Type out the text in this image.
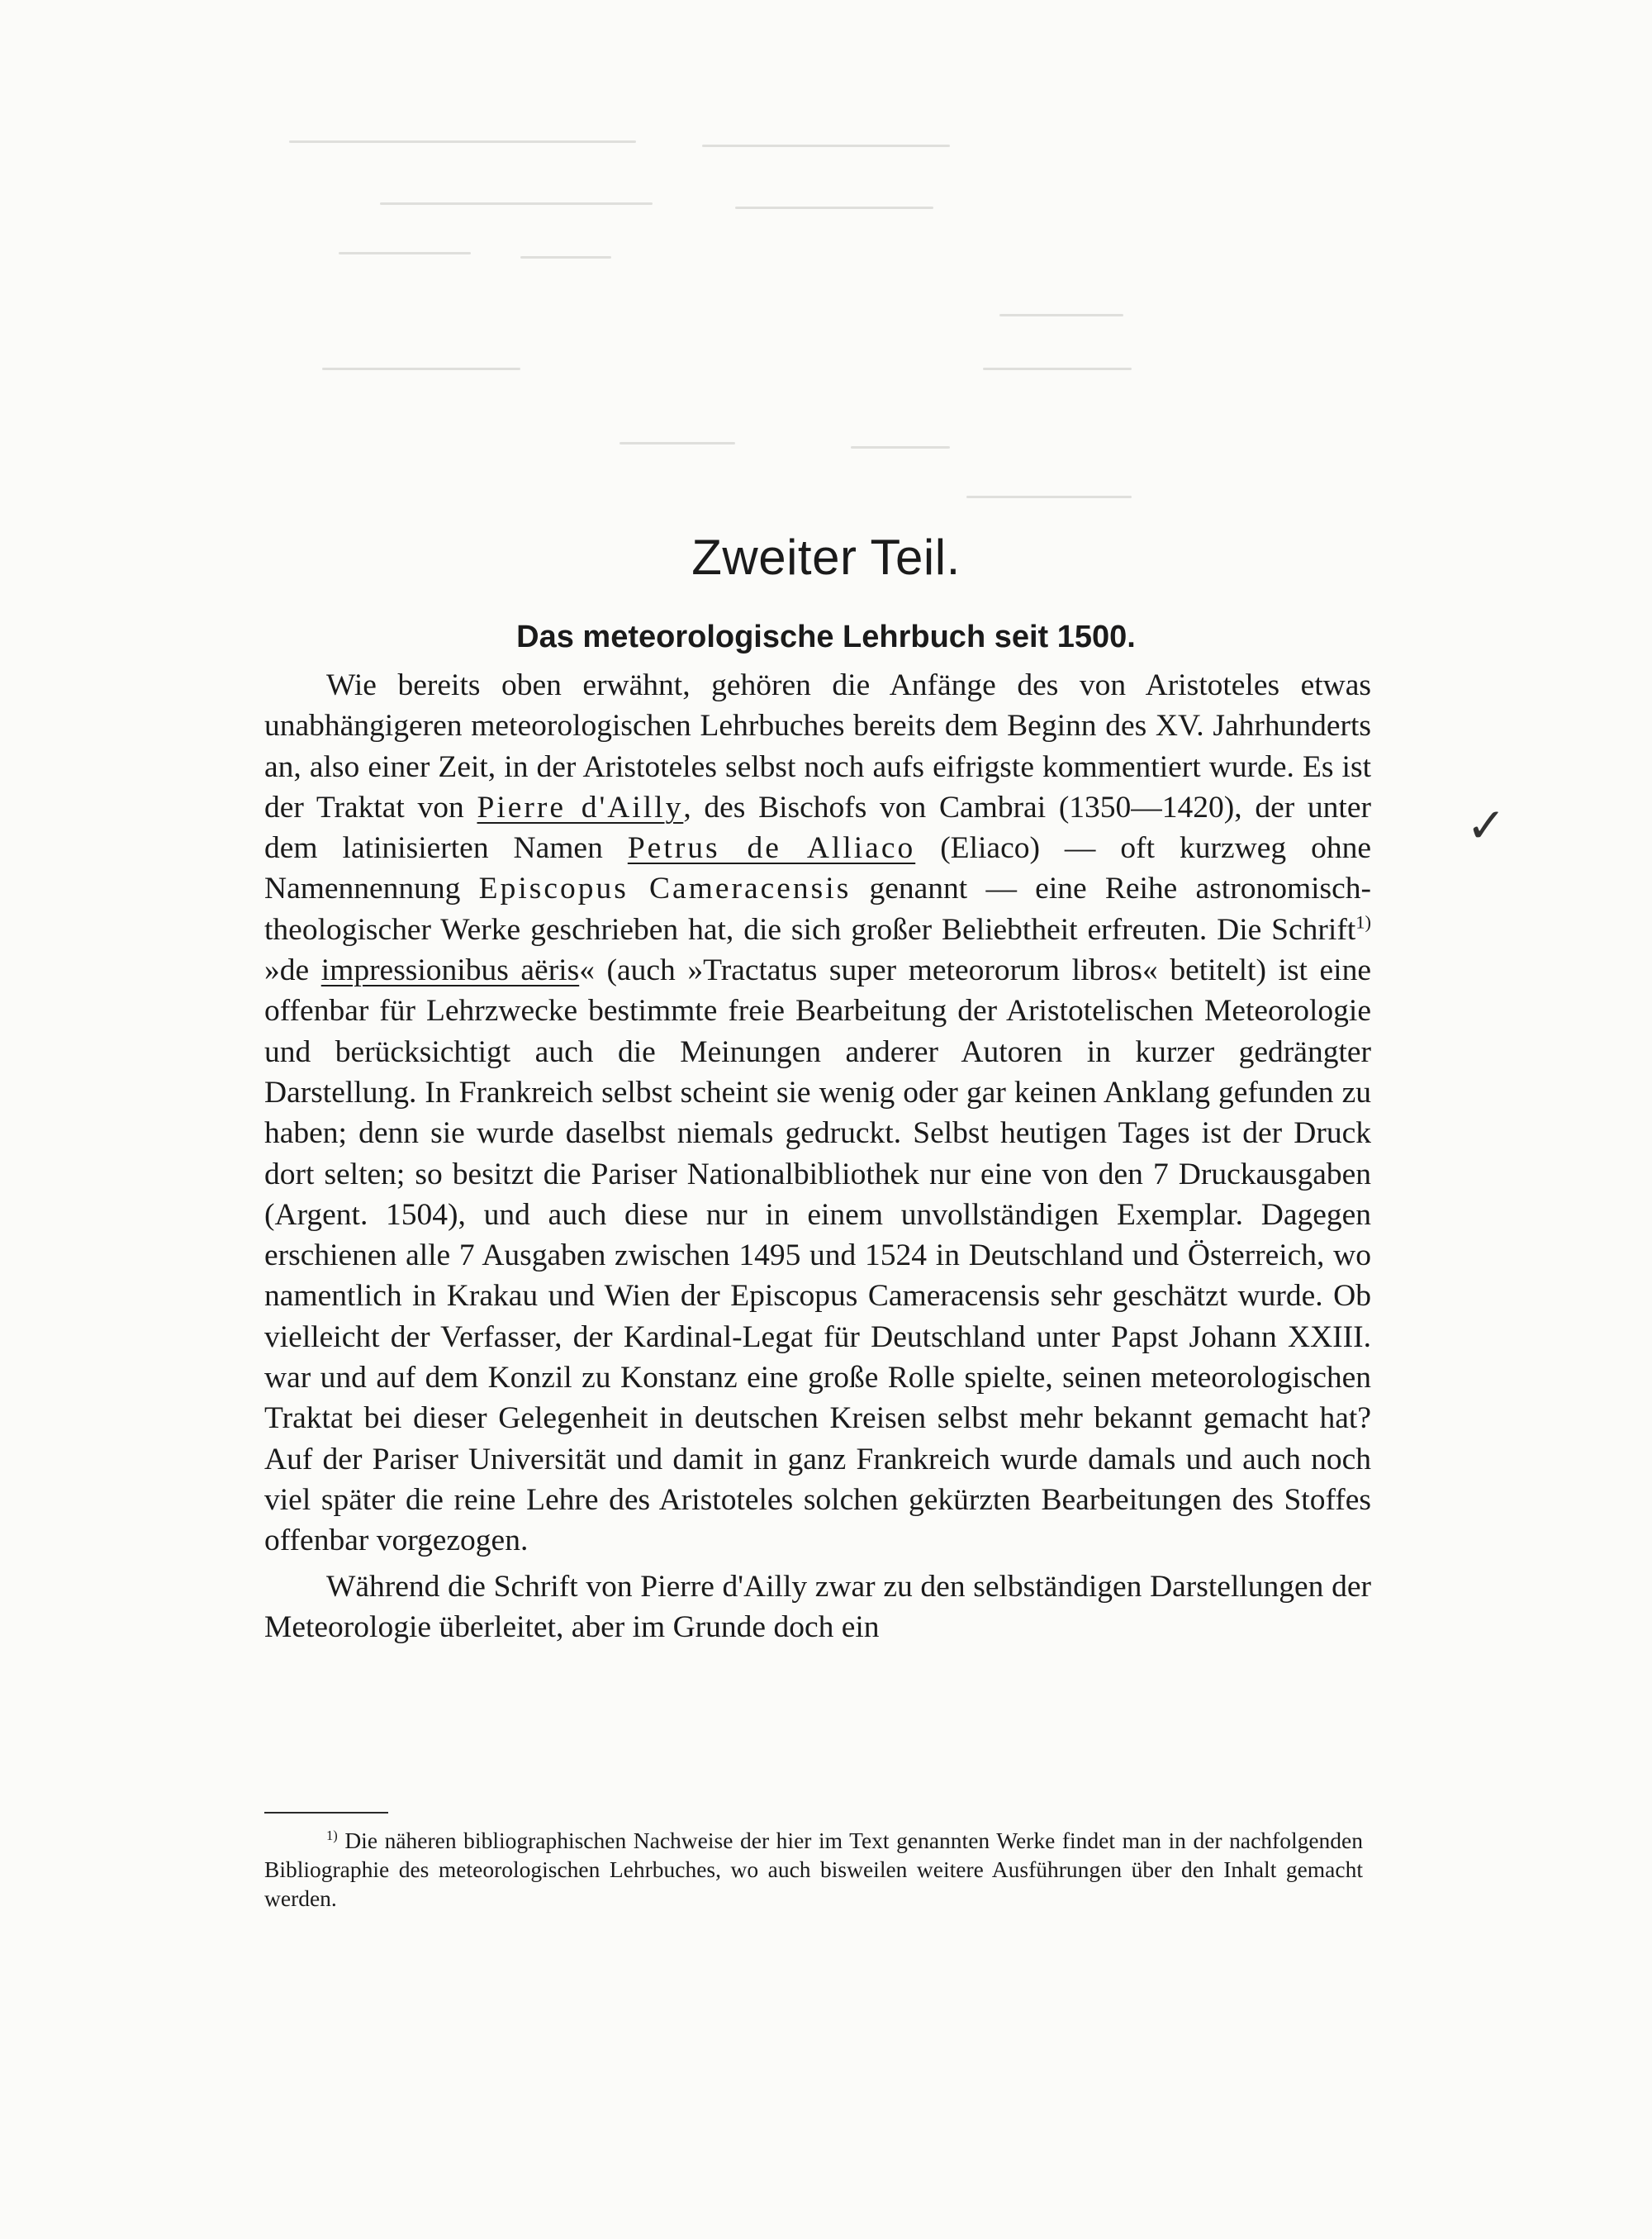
Zweiter Teil.
Das meteorologische Lehrbuch seit 1500.

Wie bereits oben erwähnt, gehören die Anfänge des von Aristoteles etwas unabhängigeren meteorologischen Lehrbuches bereits dem Beginn des XV. Jahrhunderts an, also einer Zeit, in der Aristoteles selbst noch aufs eifrigste kommentiert wurde. Es ist der Traktat von Pierre d'Ailly, des Bischofs von Cambrai (1350—1420), der unter dem latinisierten Namen Petrus de Alliaco (Eliaco) — oft kurzweg ohne Namennennung Episcopus Cameracensis genannt — eine Reihe astronomisch-theologischer Werke geschrieben hat, die sich großer Beliebtheit erfreuten. Die Schrift$^{1)}$ »de impressionibus aëris« (auch »Tractatus super meteororum libros« betitelt) ist eine offenbar für Lehrzwecke bestimmte freie Bearbeitung der Aristotelischen Meteorologie und berücksichtigt auch die Meinungen anderer Autoren in kurzer gedrängter Darstellung. In Frankreich selbst scheint sie wenig oder gar keinen Anklang gefunden zu haben; denn sie wurde daselbst niemals gedruckt. Selbst heutigen Tages ist der Druck dort selten; so besitzt die Pariser Nationalbibliothek nur eine von den 7 Druckausgaben (Argent. 1504), und auch diese nur in einem unvollständigen Exemplar. Dagegen erschienen alle 7 Ausgaben zwischen 1495 und 1524 in Deutschland und Österreich, wo namentlich in Krakau und Wien der Episcopus Cameracensis sehr geschätzt wurde. Ob vielleicht der Verfasser, der Kardinal-Legat für Deutschland unter Papst Johann XXIII. war und auf dem Konzil zu Konstanz eine große Rolle spielte, seinen meteorologischen Traktat bei dieser Gelegenheit in deutschen Kreisen selbst mehr bekannt gemacht hat? Auf der Pariser Universität und damit in ganz Frankreich wurde damals und auch noch viel später die reine Lehre des Aristoteles solchen gekürzten Bearbeitungen des Stoffes offenbar vorgezogen.

Während die Schrift von Pierre d'Ailly zwar zu den selbständigen Darstellungen der Meteorologie überleitet, aber im Grunde doch ein

✓

$^{1)}$ Die näheren bibliographischen Nachweise der hier im Text genannten Werke findet man in der nachfolgenden Bibliographie des meteorologischen Lehrbuches, wo auch bisweilen weitere Ausführungen über den Inhalt gemacht werden.
